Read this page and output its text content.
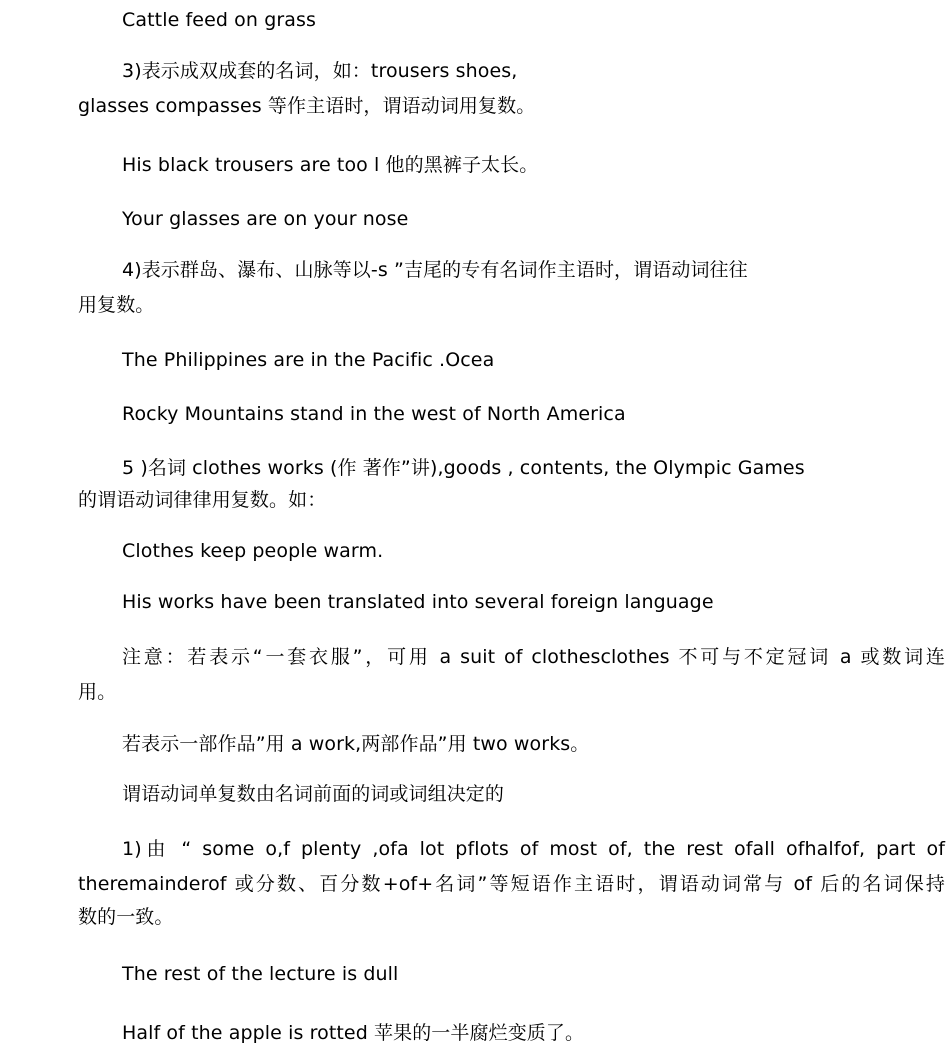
Cattle feed on grass

3)表示成双成套的名词，如：trousers shoes,

glasses compasses 等作主语时，谓语动词用复数。

His black trousers are too l 他的黑裤子太长。

Your glasses are on your nose

4)表示群岛、瀑布、山脉等以-s ”吉尾的专有名词作主语时，谓语动词往往

用复数。

The Philippines are in the Pacific .Ocea

Rocky Mountains stand in the west of North America

5 )名词 clothes works (作 著作”讲),goods , contents, the Olympic Games

的谓语动词律律用复数。如：

Clothes keep people warm.

His works have been translated into several foreign language

注意：若表示“一套衣服”，可用 a suit of clothesclothes 不可与不定冠词 a 或数词连

用。

若表示一部作品”用 a work,两部作品”用 two works。

谓语动词单复数由名词前面的词或词组决定的

1)由 “ some o,f plenty ,ofa lot pflots of most of, the rest ofall ofhalfof, part of
theremainderof 或分数、百分数+of+名词”等短语作主语时，谓语动词常与 of 后的名词保持

数的一致。

The rest of the lecture is dull

Half of the apple is rotted 苹果的一半腐烂变质了。
